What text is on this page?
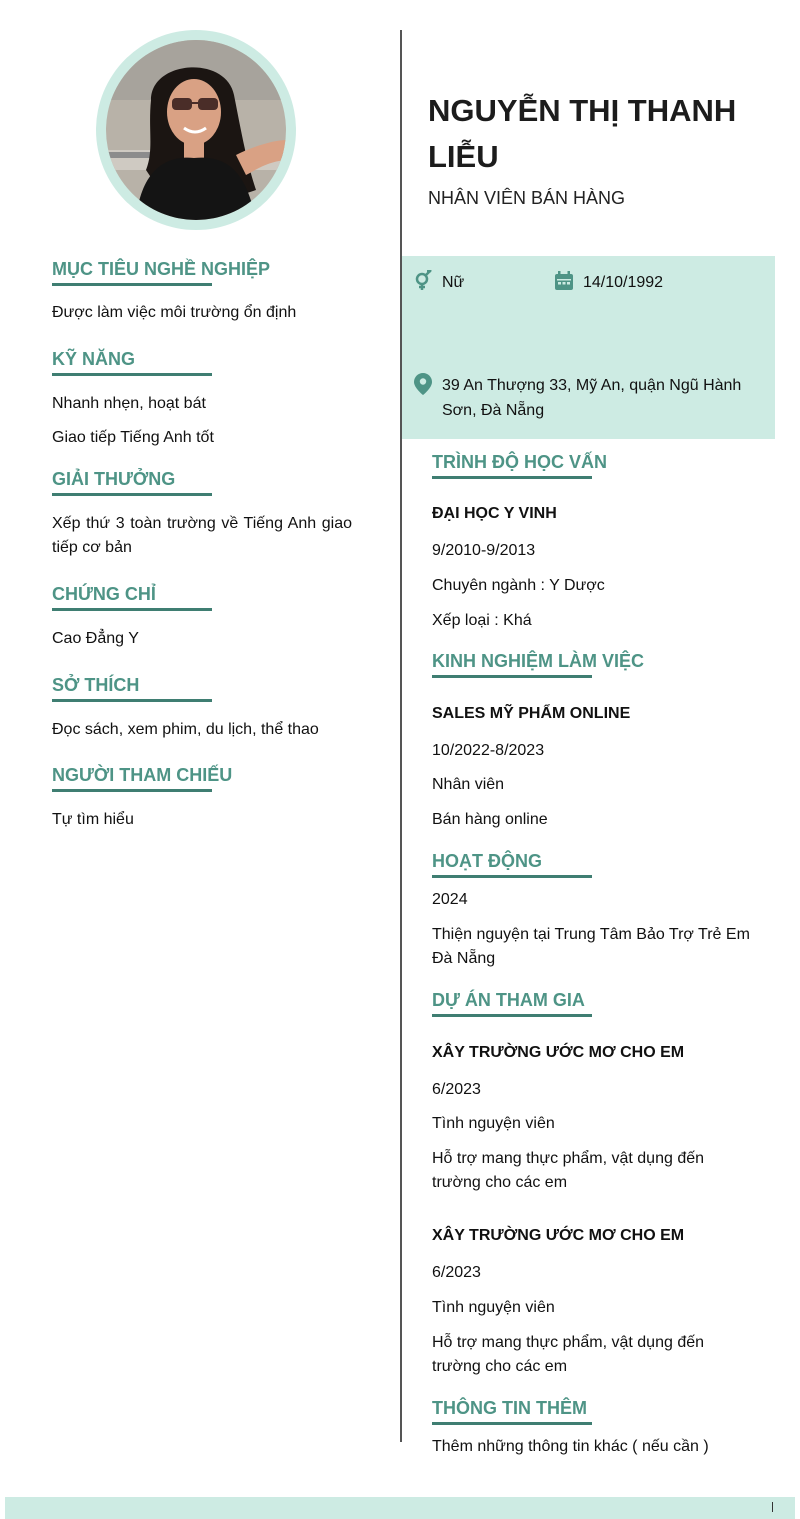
MỤC TIÊU NGHỀ NGHIỆP
Được làm việc môi trường ổn định
KỸ NĂNG
Nhanh nhẹn, hoạt bát
Giao tiếp Tiếng Anh tốt
GIẢI THƯỞNG
Xếp thứ 3 toàn trường về Tiếng Anh giao tiếp cơ bản
CHỨNG CHỈ
Cao Đẳng Y
SỞ THÍCH
Đọc sách, xem phim, du lịch, thể thao
NGƯỜI THAM CHIẾU
Tự tìm hiểu
NGUYỄN THỊ THANH LIỄU
NHÂN VIÊN BÁN HÀNG
Nữ	14/10/1992
39 An Thượng 33, Mỹ An, quận Ngũ Hành Sơn, Đà Nẵng
TRÌNH ĐỘ HỌC VẤN
ĐẠI HỌC Y VINH
9/2010-9/2013
Chuyên ngành : Y Dược
Xếp loại : Khá
KINH NGHIỆM LÀM VIỆC
SALES MỸ PHẨM ONLINE
10/2022-8/2023
Nhân viên
Bán hàng online
HOẠT ĐỘNG
2024
Thiện nguyện tại Trung Tâm Bảo Trợ Trẻ Em Đà Nẵng
DỰ ÁN THAM GIA
XÂY TRƯỜNG ƯỚC MƠ CHO EM
6/2023
Tình nguyện viên
Hỗ trợ mang thực phẩm, vật dụng đến trường cho các em
XÂY TRƯỜNG ƯỚC MƠ CHO EM
6/2023
Tình nguyện viên
Hỗ trợ mang thực phẩm, vật dụng đến trường cho các em
THÔNG TIN THÊM
Thêm những thông tin khác ( nếu cần )
